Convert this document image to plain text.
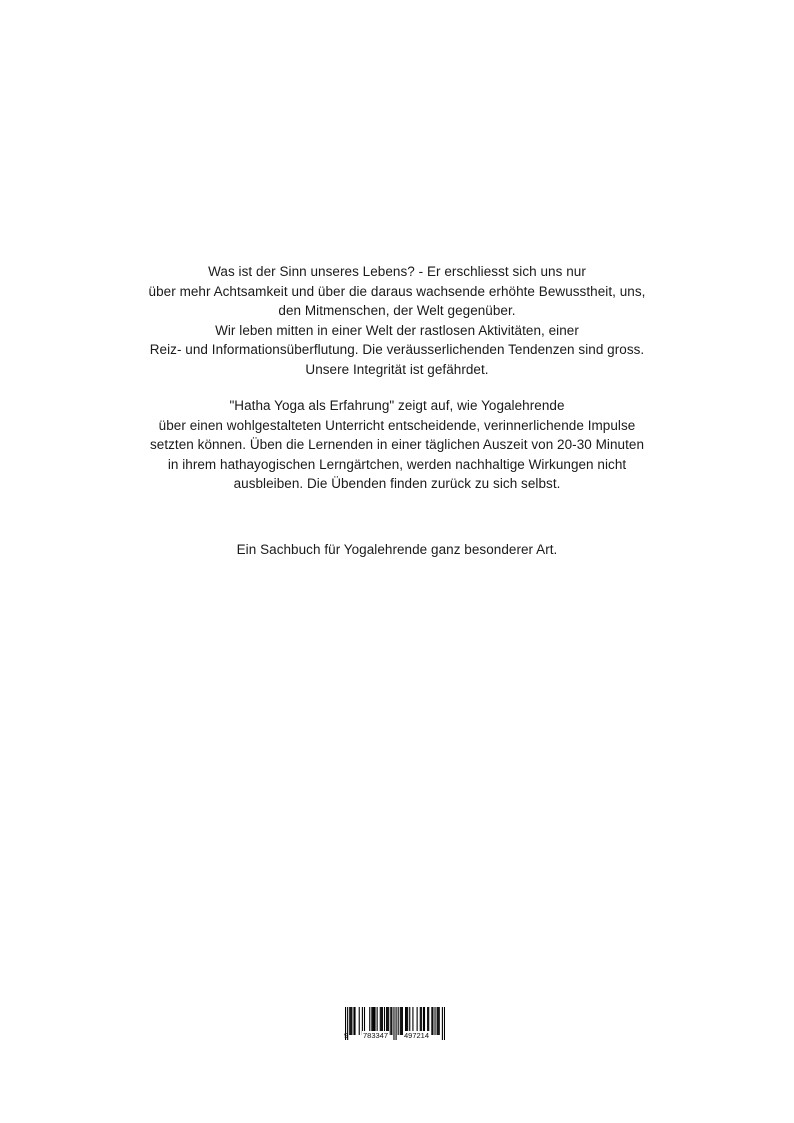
Was ist der Sinn unseres Lebens? - Er erschliesst sich uns nur
über mehr Achtsamkeit und über die daraus wachsende erhöhte Bewusstheit, uns,
den Mitmenschen, der Welt gegenüber.
Wir leben mitten in einer Welt der rastlosen Aktivitäten, einer
Reiz- und Informationsüberflutung. Die veräusserlichenden Tendenzen sind gross.
Unsere Integrität ist gefährdet.
"Hatha Yoga als Erfahrung" zeigt auf, wie Yogalehrende
über einen wohlgestalteten Unterricht entscheidende, verinnerlichende Impulse
setzten können. Üben die Lernenden in einer täglichen Auszeit von 20-30 Minuten
in ihrem hathayogischen Lerngärtchen, werden nachhaltige Wirkungen nicht
ausbleiben. Die Übenden finden zurück zu sich selbst.
Ein Sachbuch für Yogalehrende ganz besonderer Art.
9 783347 497214
